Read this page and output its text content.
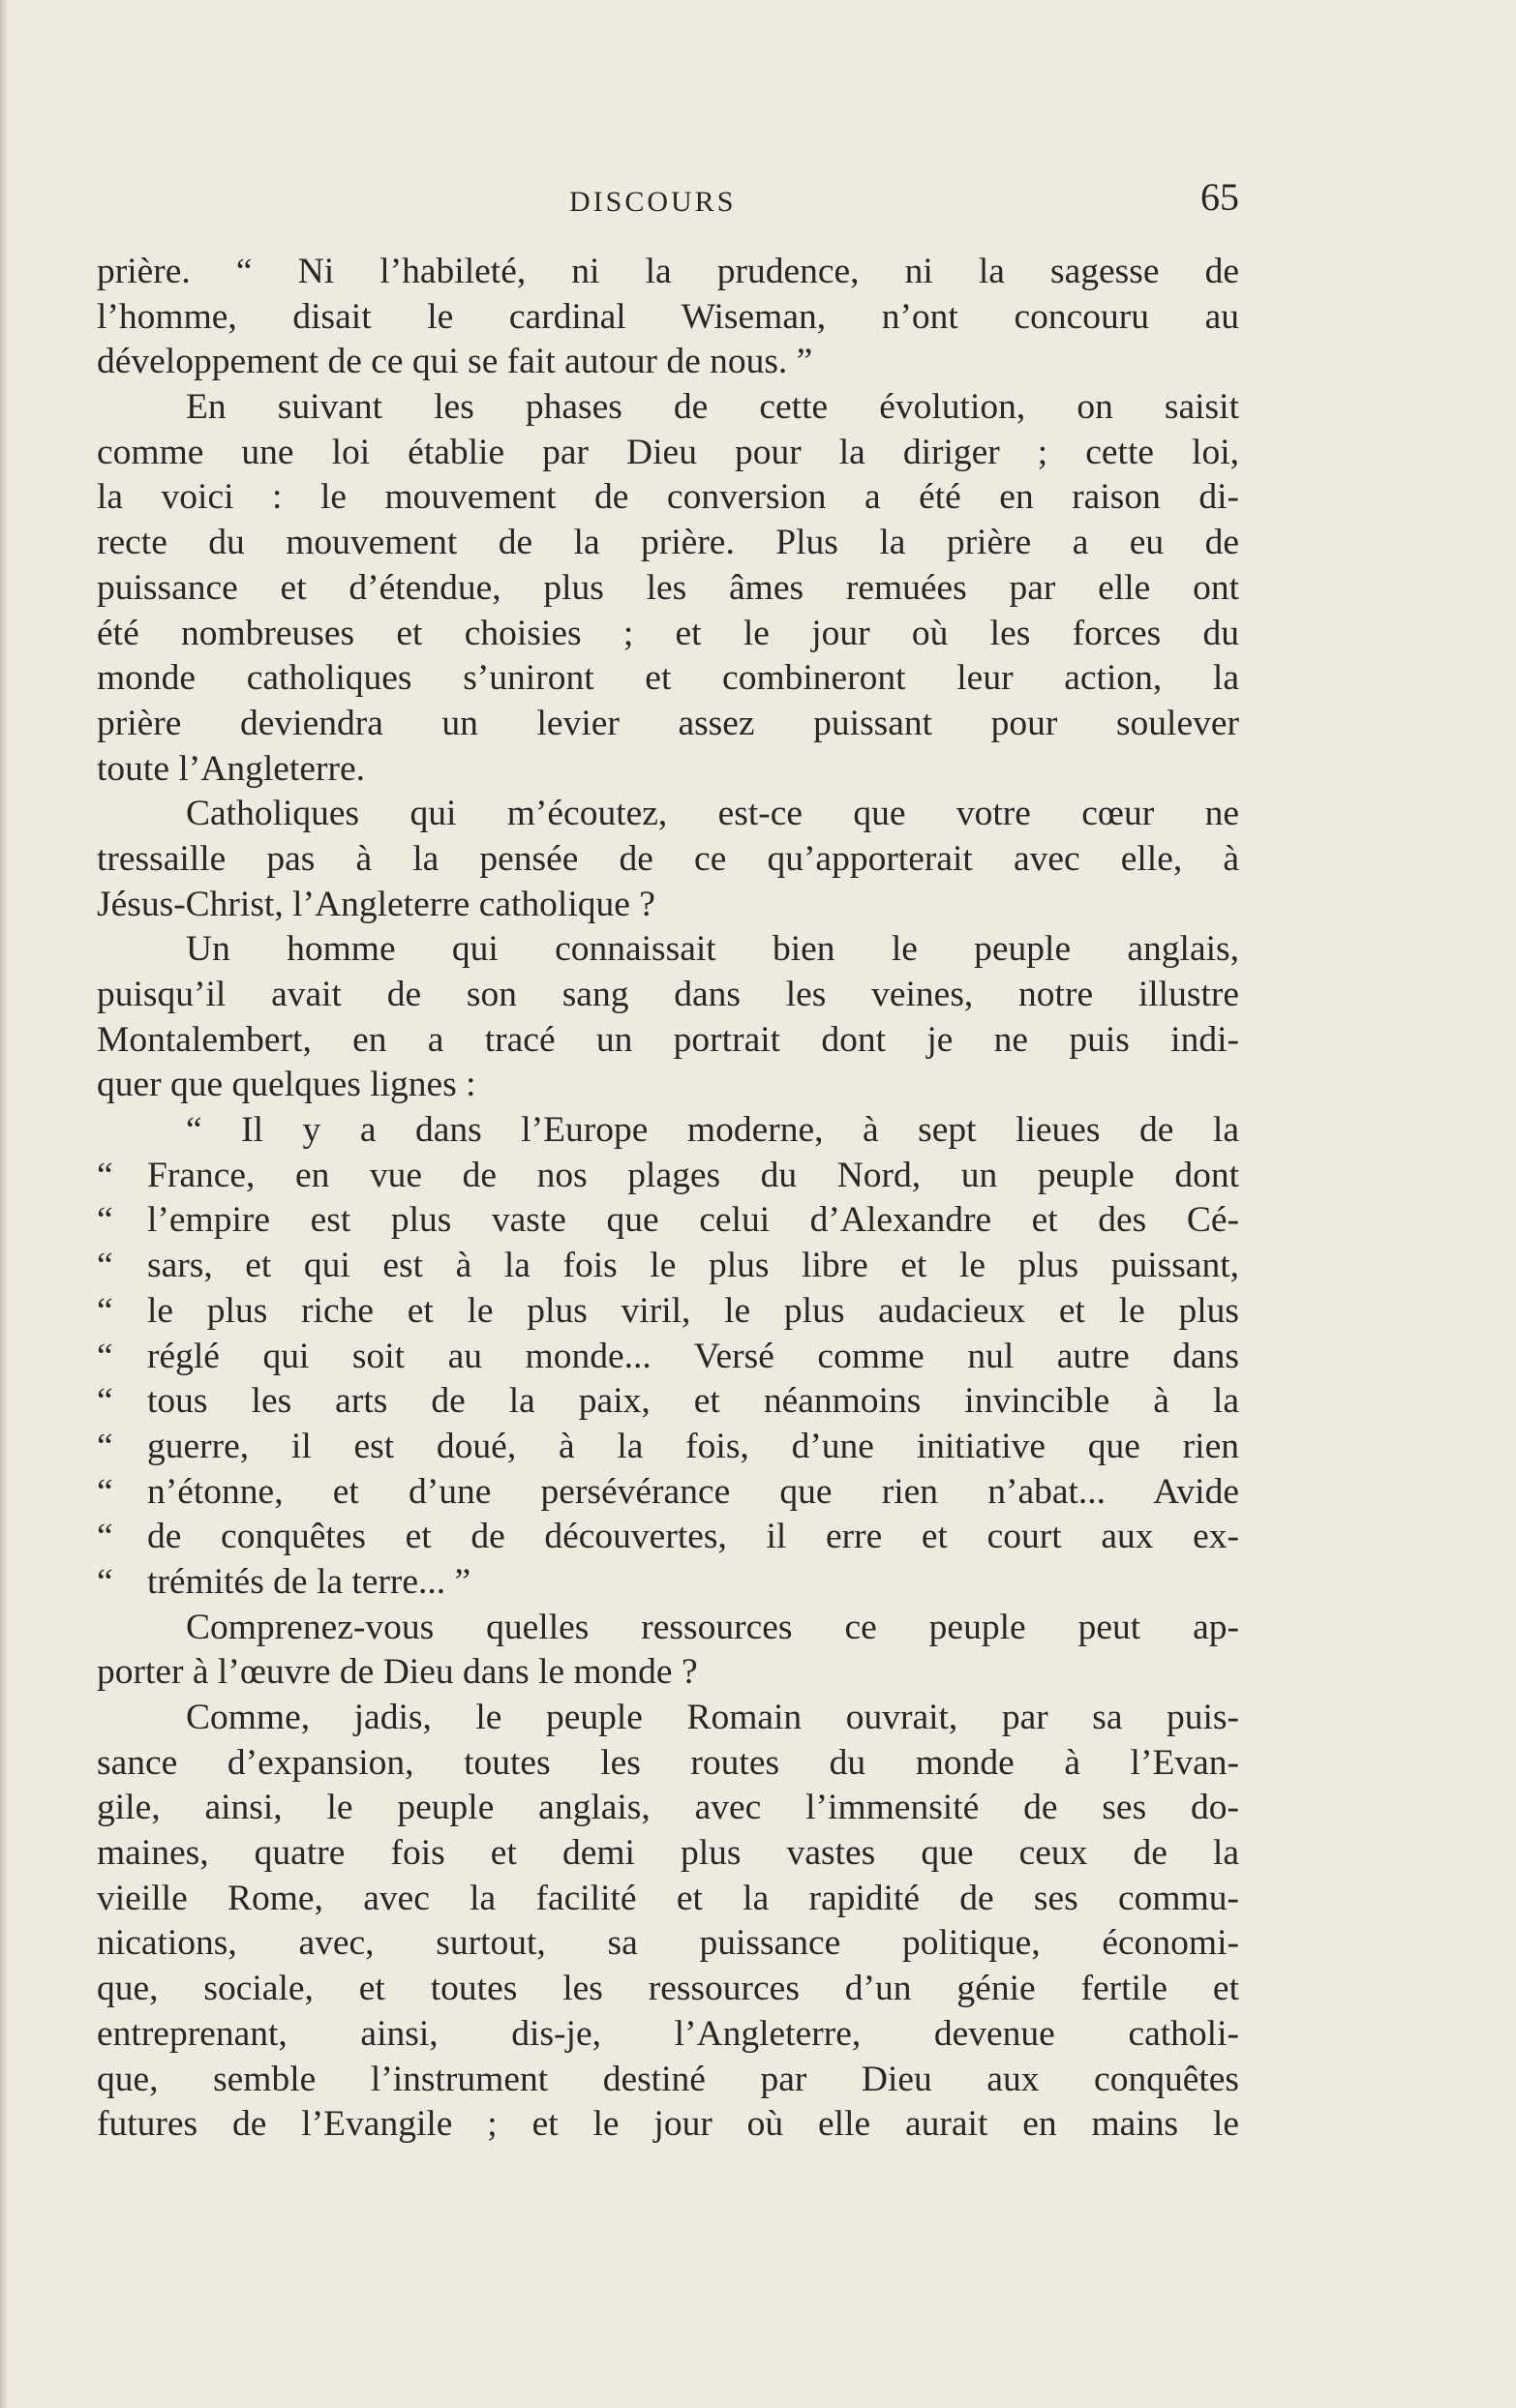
DISCOURS	65
prière. “ Ni l’habileté, ni la prudence, ni la sagesse de
l’homme, disait le cardinal Wiseman, n’ont concouru au
développement de ce qui se fait autour de nous. ”
En suivant les phases de cette évolution, on saisit
comme une loi établie par Dieu pour la diriger ; cette loi,
la voici : le mouvement de conversion a été en raison di-
recte du mouvement de la prière. Plus la prière a eu de
puissance et d’étendue, plus les âmes remuées par elle ont
été nombreuses et choisies ; et le jour où les forces du
monde catholiques s’uniront et combineront leur action, la
prière deviendra un levier assez puissant pour soulever
toute l’Angleterre.
Catholiques qui m’écoutez, est-ce que votre cœur ne
tressaille pas à la pensée de ce qu’apporterait avec elle, à
Jésus-Christ, l’Angleterre catholique ?
Un homme qui connaissait bien le peuple anglais,
puisqu’il avait de son sang dans les veines, notre illustre
Montalembert, en a tracé un portrait dont je ne puis indi-
quer que quelques lignes :
“ Il y a dans l’Europe moderne, à sept lieues de la
“ France, en vue de nos plages du Nord, un peuple dont
“ l’empire est plus vaste que celui d’Alexandre et des Cé-
“ sars, et qui est à la fois le plus libre et le plus puissant,
“ le plus riche et le plus viril, le plus audacieux et le plus
“ réglé qui soit au monde... Versé comme nul autre dans
“ tous les arts de la paix, et néanmoins invincible à la
“ guerre, il est doué, à la fois, d’une initiative que rien
“ n’étonne, et d’une persévérance que rien n’abat... Avide
“ de conquêtes et de découvertes, il erre et court aux ex-
“ trémités de la terre... ”
Comprenez-vous quelles ressources ce peuple peut ap-
porter à l’œuvre de Dieu dans le monde ?
Comme, jadis, le peuple Romain ouvrait, par sa puis-
sance d’expansion, toutes les routes du monde à l’Evan-
gile, ainsi, le peuple anglais, avec l’immensité de ses do-
maines, quatre fois et demi plus vastes que ceux de la
vieille Rome, avec la facilité et la rapidité de ses commu-
nications, avec, surtout, sa puissance politique, économi-
que, sociale, et toutes les ressources d’un génie fertile et
entreprenant, ainsi, dis-je, l’Angleterre, devenue catholi-
que, semble l’instrument destiné par Dieu aux conquêtes
futures de l’Evangile ; et le jour où elle aurait en mains le
